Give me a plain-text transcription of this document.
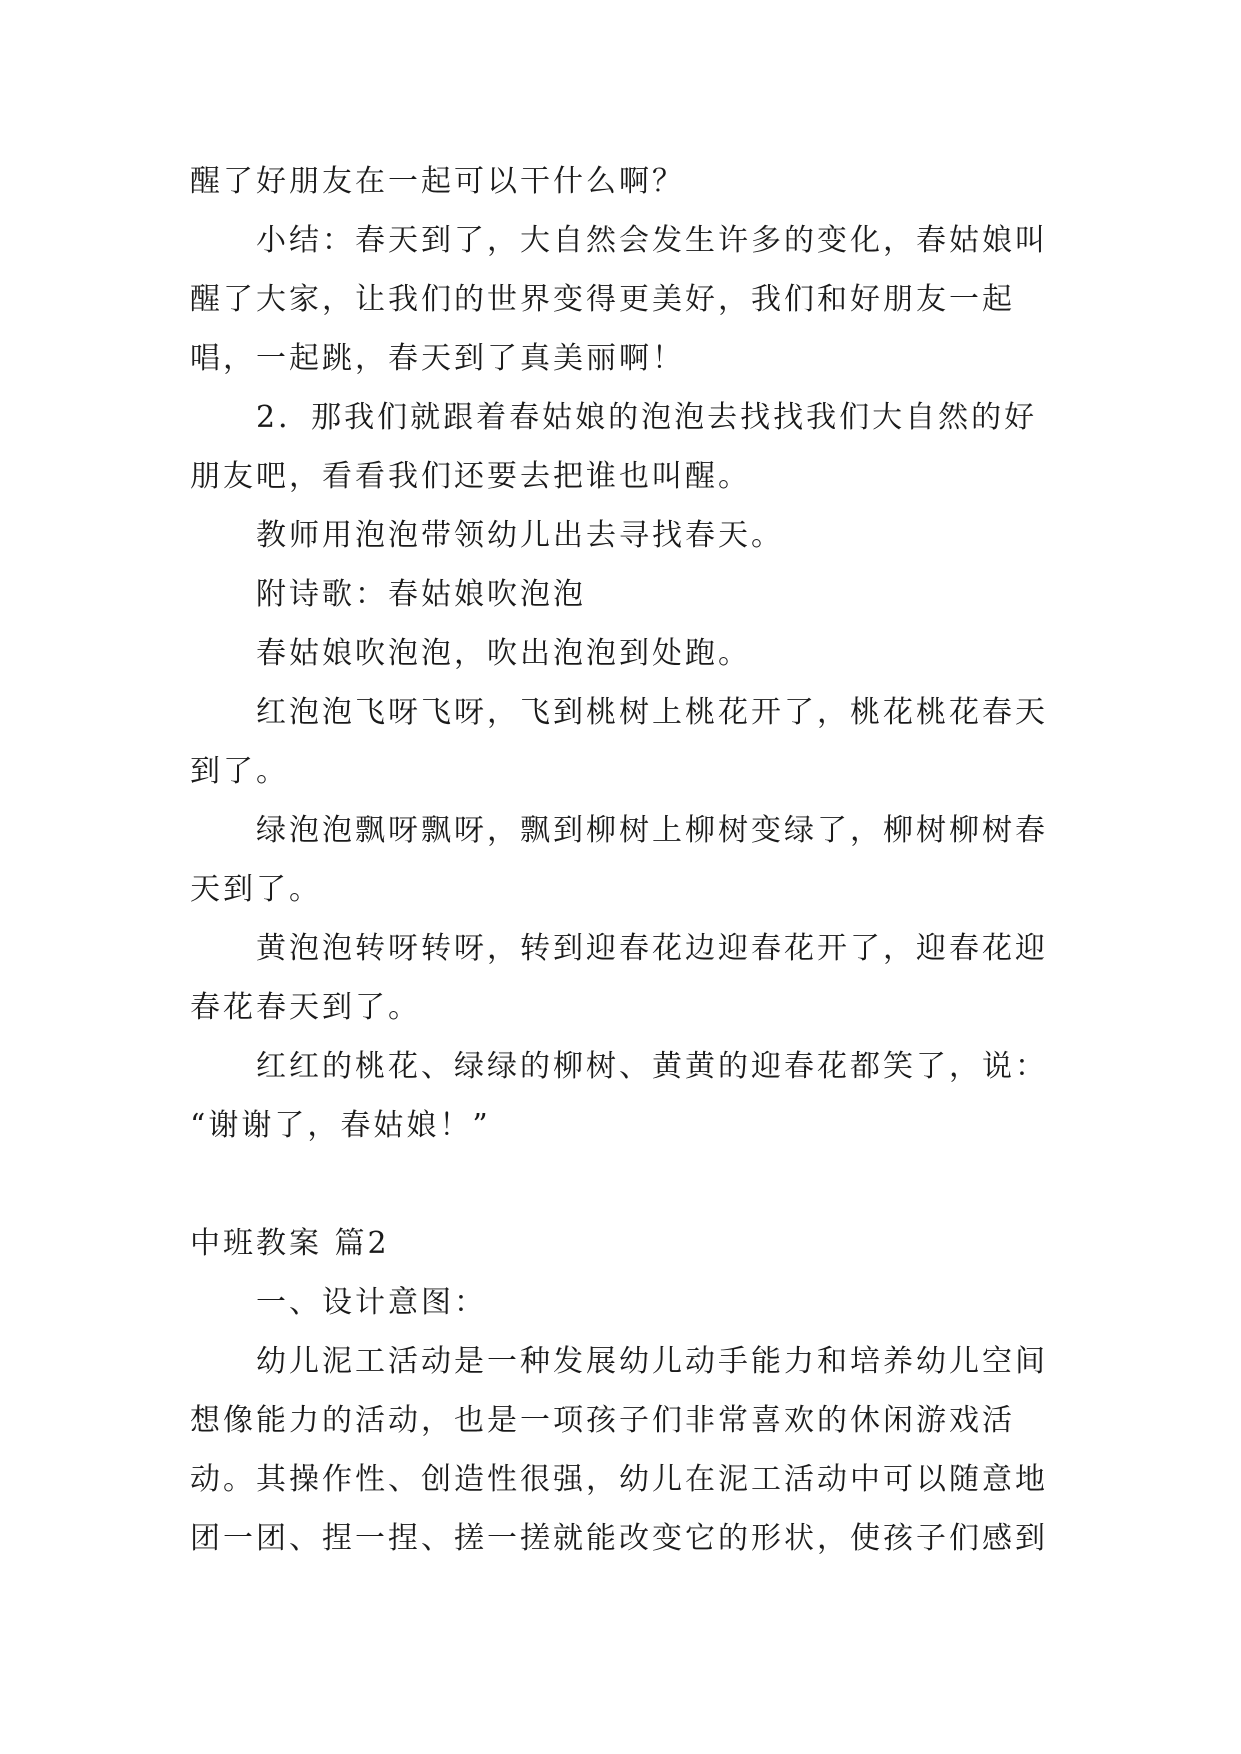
醒了好朋友在一起可以干什么啊？

小结：春天到了，大自然会发生许多的变化，春姑娘叫醒了大家，让我们的世界变得更美好，我们和好朋友一起唱，一起跳，春天到了真美丽啊！

2．那我们就跟着春姑娘的泡泡去找找我们大自然的好朋友吧，看看我们还要去把谁也叫醒。

教师用泡泡带领幼儿出去寻找春天。

附诗歌：春姑娘吹泡泡

春姑娘吹泡泡，吹出泡泡到处跑。

红泡泡飞呀飞呀，飞到桃树上桃花开了，桃花桃花春天到了。

绿泡泡飘呀飘呀，飘到柳树上柳树变绿了，柳树柳树春天到了。

黄泡泡转呀转呀，转到迎春花边迎春花开了，迎春花迎春花春天到了。

红红的桃花、绿绿的柳树、黄黄的迎春花都笑了，说：

“谢谢了，春姑娘！”

中班教案 篇2

一、设计意图：

幼儿泥工活动是一种发展幼儿动手能力和培养幼儿空间想像能力的活动，也是一项孩子们非常喜欢的休闲游戏活动。其操作性、创造性很强，幼儿在泥工活动中可以随意地团一团、捏一捏、搓一搓就能改变它的形状，使孩子们感到
